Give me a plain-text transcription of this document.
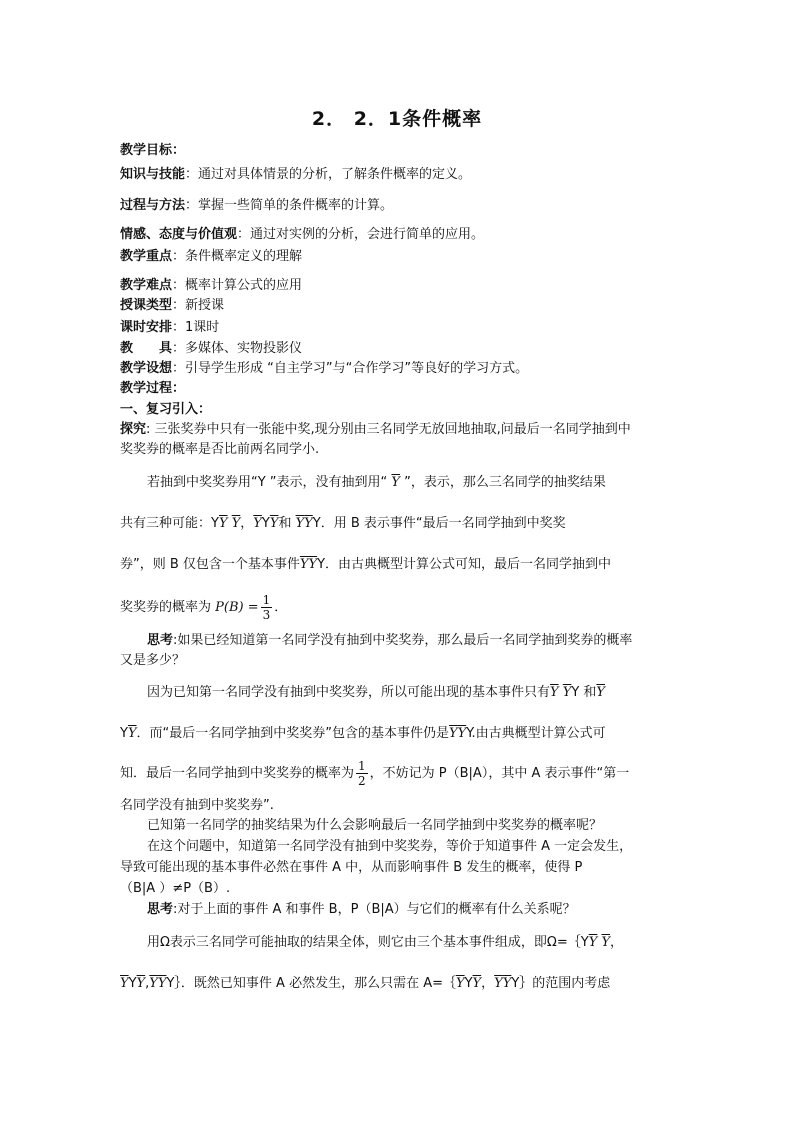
2． 2．1条件概率
教学目标：
知识与技能：通过对具体情景的分析，了解条件概率的定义。
过程与方法：掌握一些简单的条件概率的计算。
情感、态度与价值观：通过对实例的分析，会进行简单的应用。
教学重点：条件概率定义的理解
教学难点：概率计算公式的应用
授课类型：新授课
课时安排：1课时
教　　具：多媒体、实物投影仪
教学设想：引导学生形成 “自主学习”与“合作学习”等良好的学习方式。
教学过程：
一、复习引入：
探究: 三张奖券中只有一张能中奖,现分别由三名同学无放回地抽取,问最后一名同学抽到中
奖奖券的概率是否比前两名同学小.
若抽到中奖奖券用“Y ”表示，没有抽到用“ $\overline{Y}$ ”，表示，那么三名同学的抽奖结果
共有三种可能：$Y\overline{Y}$ $\overline{Y}$，$\overline{Y}Y\overline{Y}$和 $\overline{Y}\overline{Y}Y$．用 B 表示事件“最后一名同学抽到中奖奖
券”，则 B 仅包含一个基本事件$\overline{Y}\overline{Y}Y$．由古典概型计算公式可知，最后一名同学抽到中
奖奖券的概率为 $P(B) = \frac{1}{3}$ ．
思考:如果已经知道第一名同学没有抽到中奖奖券，那么最后一名同学抽到奖券的概率
又是多少？
因为已知第一名同学没有抽到中奖奖券，所以可能出现的基本事件只有$\overline{Y}$ $\overline{Y}Y$ 和$\overline{Y}$
$Y\overline{Y}$．而“最后一名同学抽到中奖奖券”包含的基本事件仍是$\overline{Y}\overline{Y}Y$.由古典概型计算公式可
知．最后一名同学抽到中奖奖券的概率为 $\frac{1}{2}$ ，不妨记为 P（B|A），其中 A 表示事件“第一
名同学没有抽到中奖奖券”.
已知第一名同学的抽奖结果为什么会影响最后一名同学抽到中奖奖券的概率呢？
在这个问题中，知道第一名同学没有抽到中奖奖券，等价于知道事件 A 一定会发生，
导致可能出现的基本事件必然在事件 A 中，从而影响事件 B 发生的概率，使得 P
（B|A ）≠P（B）.
思考:对于上面的事件 A 和事件 B，P（B|A）与它们的概率有什么关系呢？
用Ω表示三名同学可能抽取的结果全体，则它由三个基本事件组成，即$\Omega=\{Y\overline{Y}$ $\overline{Y}$，
$\overline{Y}Y\overline{Y},\overline{Y}\overline{Y}Y\}$．既然已知事件 A 必然发生，那么只需在 $A=\{\overline{Y}Y\overline{Y}$，$\overline{Y}\overline{Y}Y\}$的范围内考虑
